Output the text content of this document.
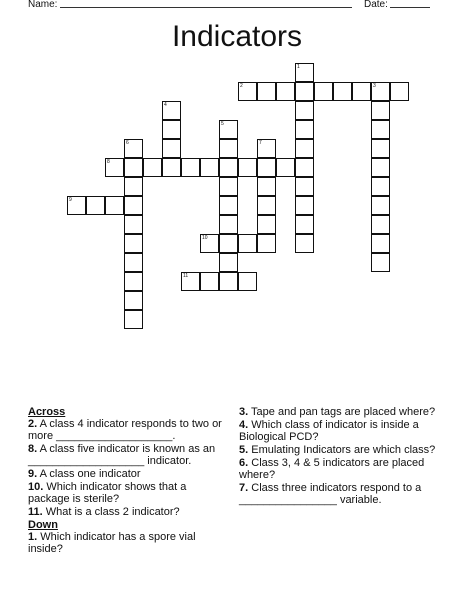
Name:	Date:
Indicators
1
2	3
4
5
6	7
8
9
10
11
Across
2. A class 4 indicator responds to two or more ___________________.
8. A class five indicator is known as an ___________________ indicator.
9. A class one indicator
10. Which indicator shows that a package is sterile?
11. What is a class 2 indicator?
Down
1. Which indicator has a spore vial inside?
3. Tape and pan tags are placed where?
4. Which class of indicator is inside a Biological PCD?
5. Emulating Indicators are which class?
6. Class 3, 4 & 5 indicators are placed where?
7. Class three indicators respond to a ________________ variable.
